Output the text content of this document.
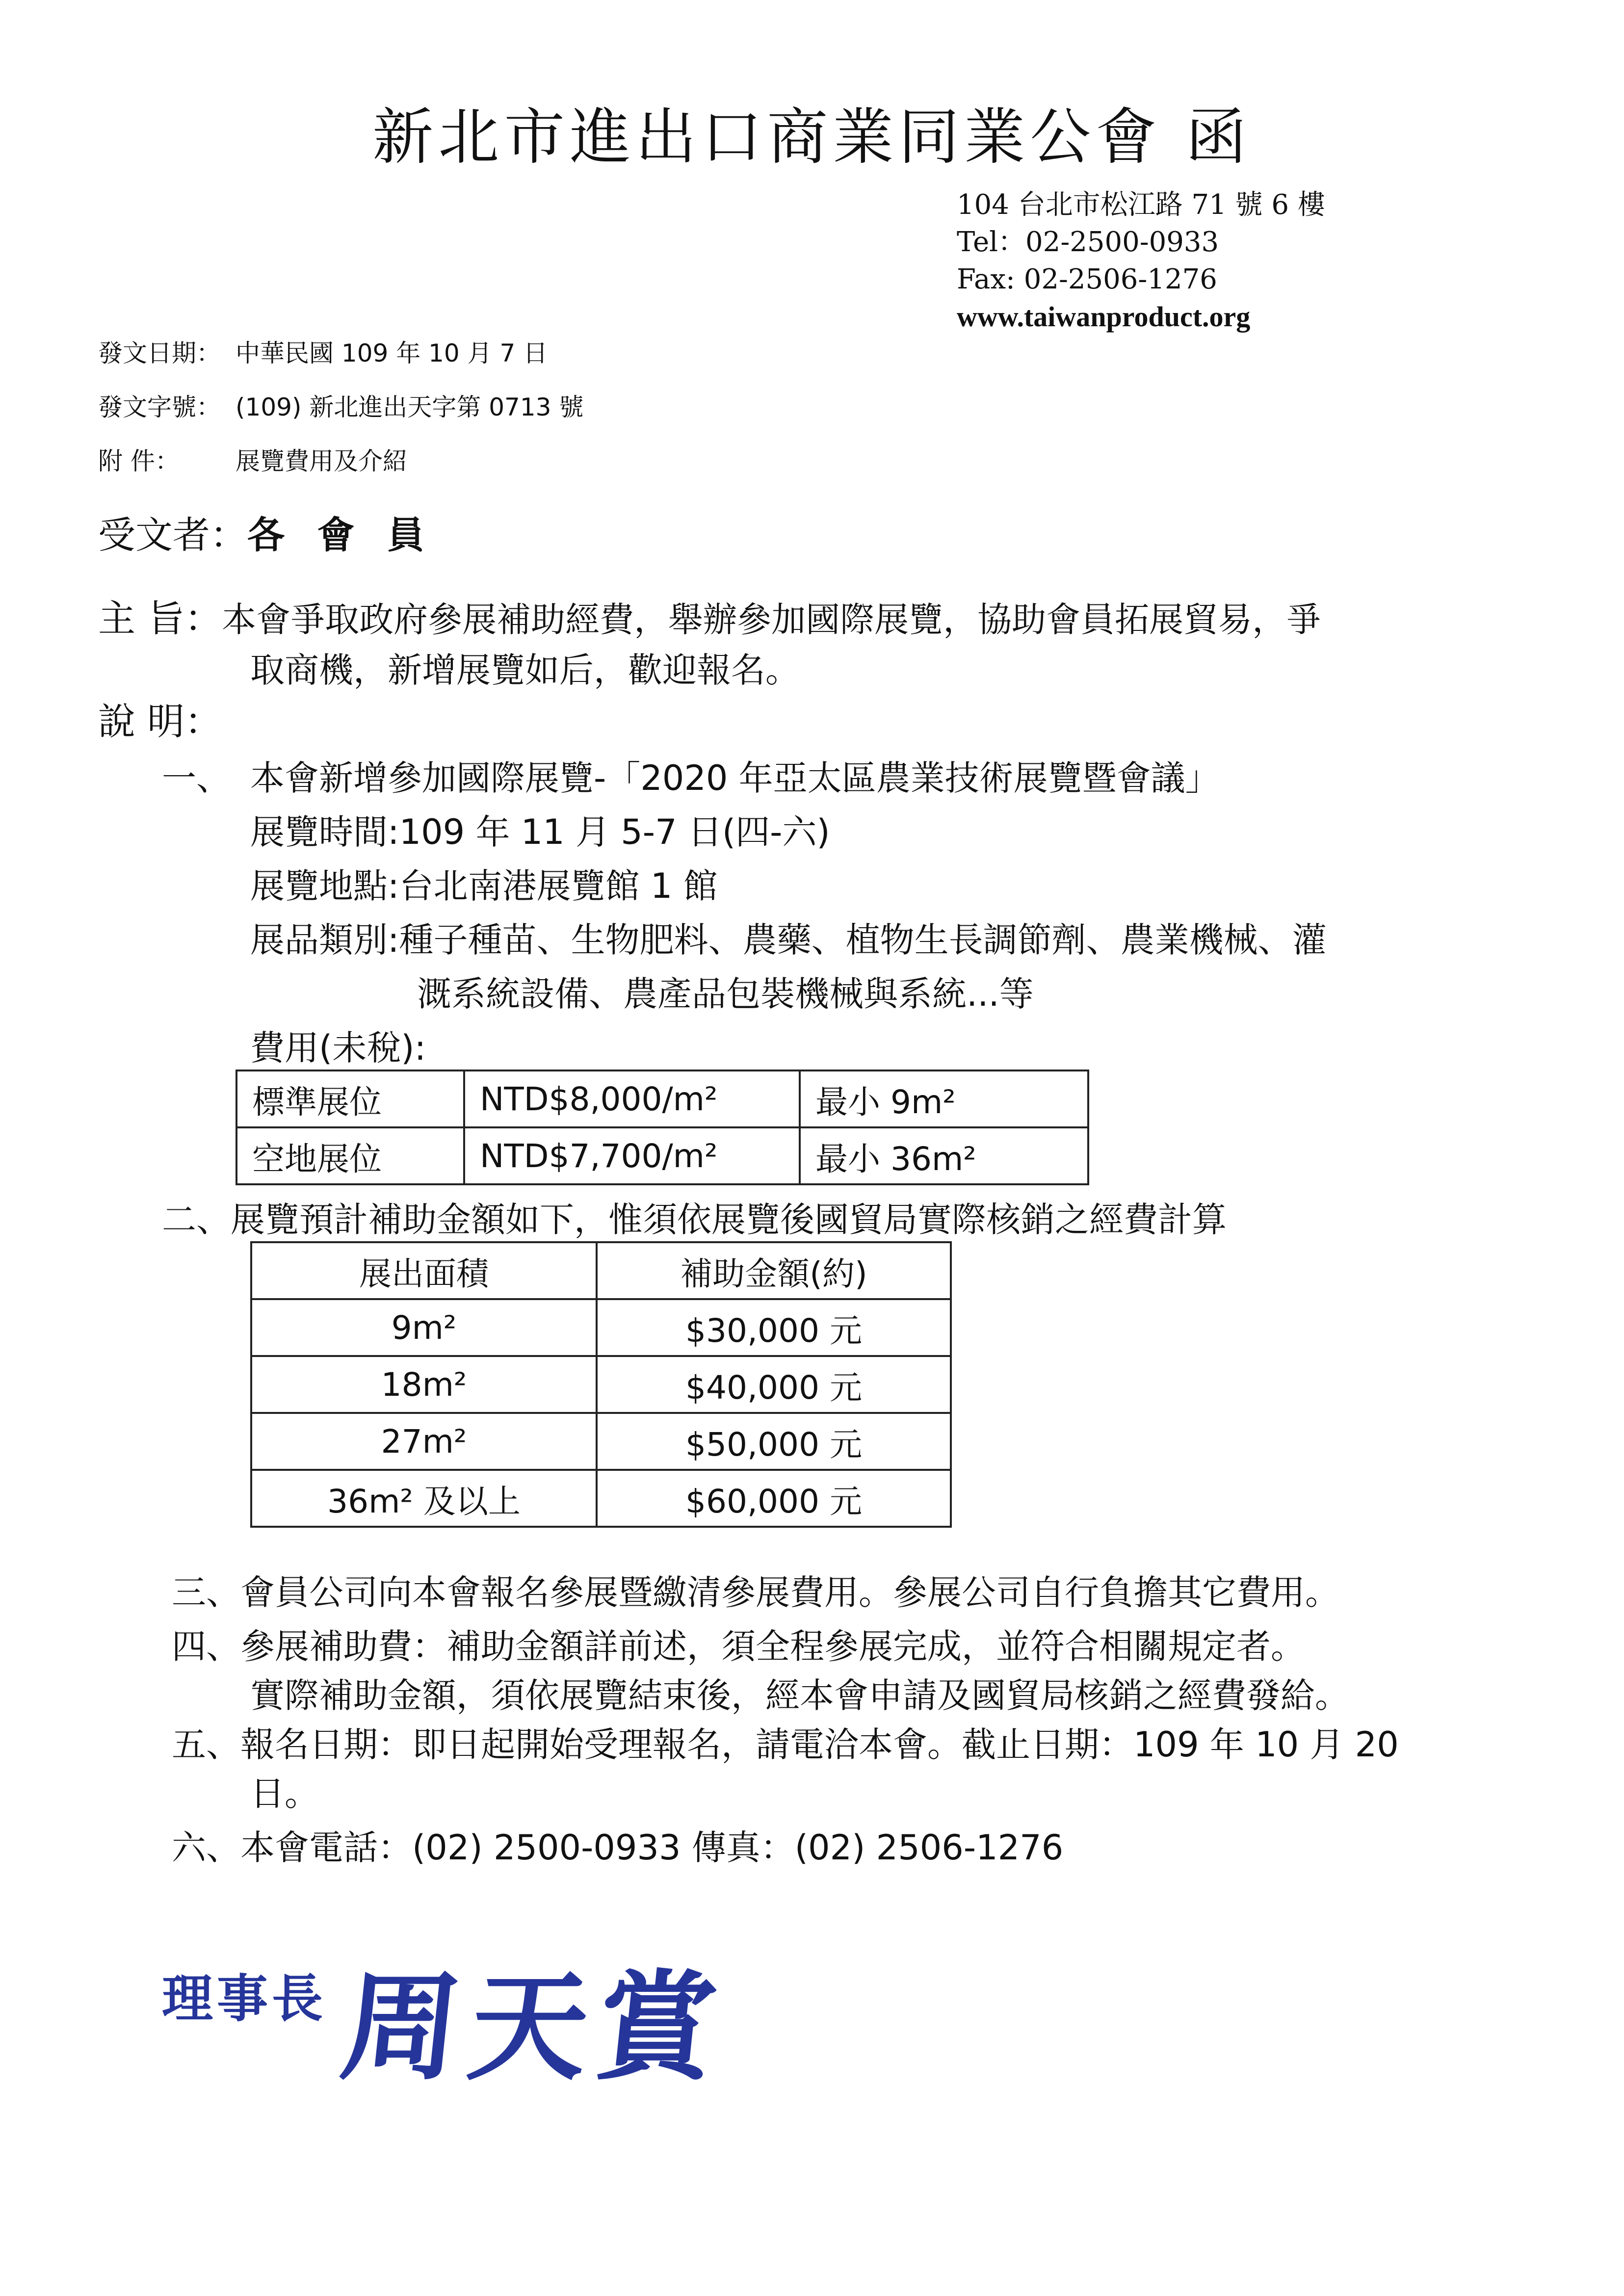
新北市進出口商業同業公會 函
104 台北市松江路 71 號 6 樓
Tel：02-2500-0933
Fax: 02-2506-1276
www.taiwanproduct.org
發文日期： 中華民國 109 年 10 月 7 日
發文字號： (109) 新北進出天字第 0713 號
附 件： 展覽費用及介紹
受文者：各 會 員
主 旨：本會爭取政府參展補助經費，舉辦參加國際展覽，協助會員拓展貿易，爭
取商機，新增展覽如后，歡迎報名。
說 明：
一、 本會新增參加國際展覽-「2020 年亞太區農業技術展覽暨會議」
展覽時間:109 年 11 月 5-7 日(四-六)
展覽地點:台北南港展覽館 1 館
展品類別:種子種苗、生物肥料、農藥、植物生長調節劑、農業機械、灌
溉系統設備、農產品包裝機械與系統...等
費用(未稅):
標準展位	NTD$8,000/m²	最小 9m²
空地展位	NTD$7,700/m²	最小 36m²
二、展覽預計補助金額如下，惟須依展覽後國貿局實際核銷之經費計算
展出面積	補助金額(約)
9m²	$30,000 元
18m²	$40,000 元
27m²	$50,000 元
36m² 及以上	$60,000 元
三、會員公司向本會報名參展暨繳清參展費用。參展公司自行負擔其它費用。
四、參展補助費：補助金額詳前述，須全程參展完成，並符合相關規定者。
實際補助金額，須依展覽結束後，經本會申請及國貿局核銷之經費發給。
五、報名日期：即日起開始受理報名，請電洽本會。截止日期：109 年 10 月 20
日。
六、本會電話：(02) 2500-0933 傳真：(02) 2506-1276
理事長 周天賞
